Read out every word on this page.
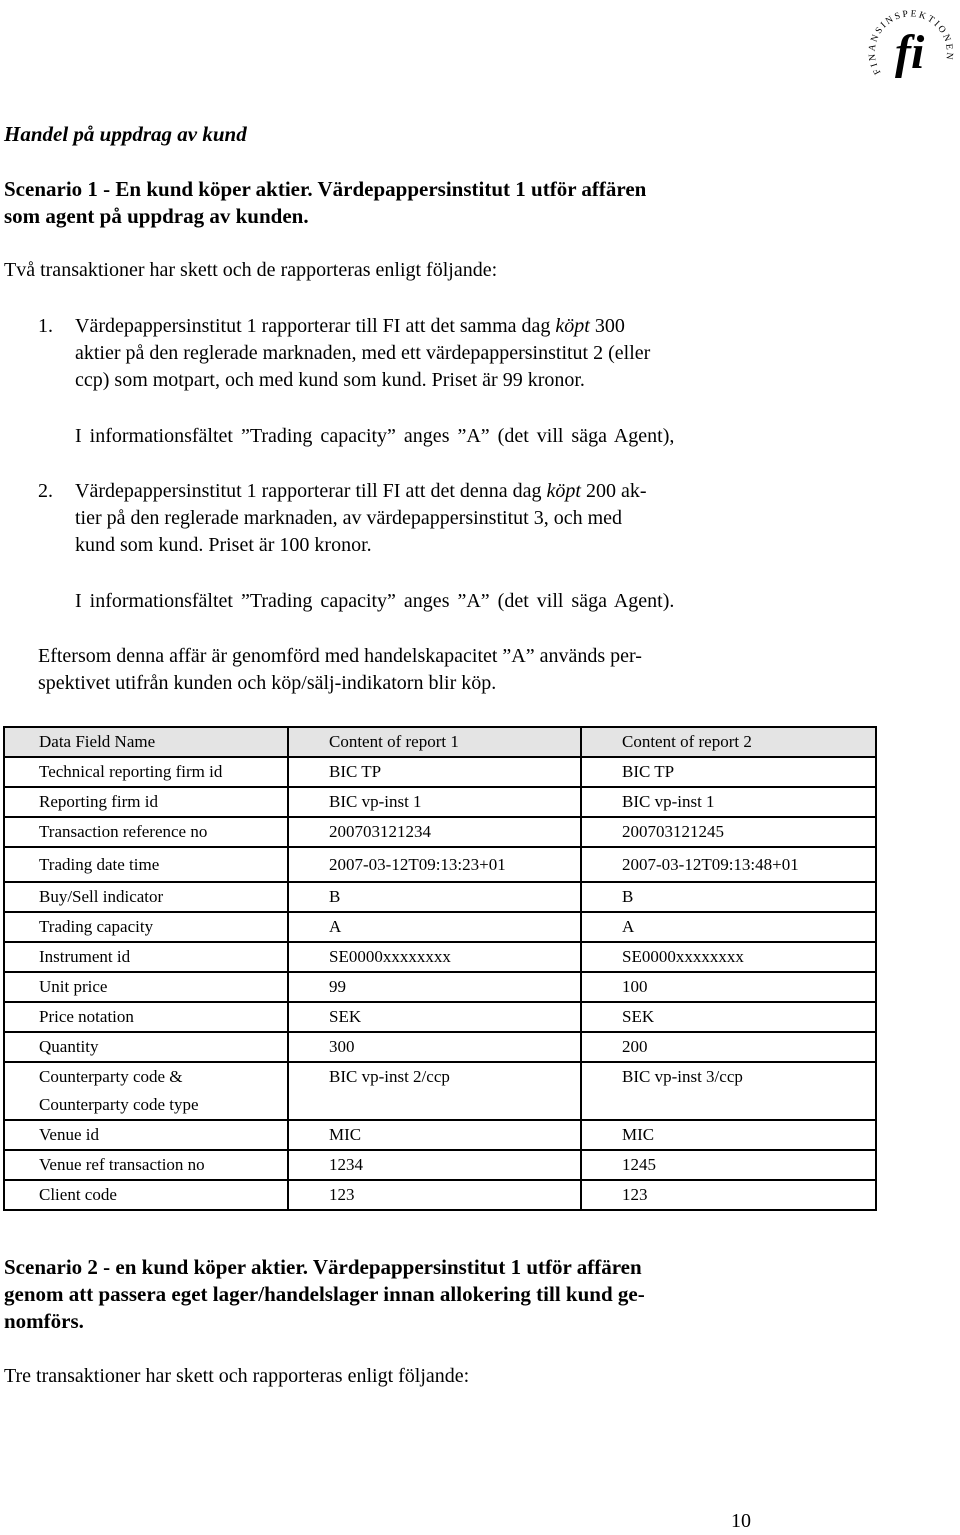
FINANSINSPEKTIONEN
fi
Handel på uppdrag av kund
Scenario 1 - En kund köper aktier. Värdepappersinstitut 1 utför affären
som agent på uppdrag av kunden.
Två transaktioner har skett och de rapporteras enligt följande:
1. Värdepappersinstitut 1 rapporterar till FI att det samma dag köpt 300
aktier på den reglerade marknaden, med ett värdepappersinstitut 2 (eller
ccp) som motpart, och med kund som kund. Priset är 99 kronor.
I informationsfältet ”Trading capacity” anges ”A” (det vill säga Agent),
2. Värdepappersinstitut 1 rapporterar till FI att det denna dag köpt 200 ak-
tier på den reglerade marknaden, av värdepappersinstitut 3, och med
kund som kund. Priset är 100 kronor.
I informationsfältet ”Trading capacity” anges ”A” (det vill säga Agent).
Eftersom denna affär är genomförd med handelskapacitet ”A” används per-
spektivet utifrån kunden och köp/sälj-indikatorn blir köp.
Data Field Name	Content of report 1	Content of report 2
Technical reporting firm id	BIC TP	BIC TP
Reporting firm id	BIC vp-inst 1	BIC vp-inst 1
Transaction reference no	200703121234	200703121245
Trading date time	2007-03-12T09:13:23+01	2007-03-12T09:13:48+01
Buy/Sell indicator	B	B
Trading capacity	A	A
Instrument id	SE0000xxxxxxxx	SE0000xxxxxxxx
Unit price	99	100
Price notation	SEK	SEK
Quantity	300	200
Counterparty code &
Counterparty code type	BIC vp-inst 2/ccp	BIC vp-inst 3/ccp
Venue id	MIC	MIC
Venue ref transaction no	1234	1245
Client code	123	123
Scenario 2 - en kund köper aktier. Värdepappersinstitut 1 utför affären
genom att passera eget lager/handelslager innan allokering till kund ge-
nomförs.
Tre transaktioner har skett och rapporteras enligt följande:
10
